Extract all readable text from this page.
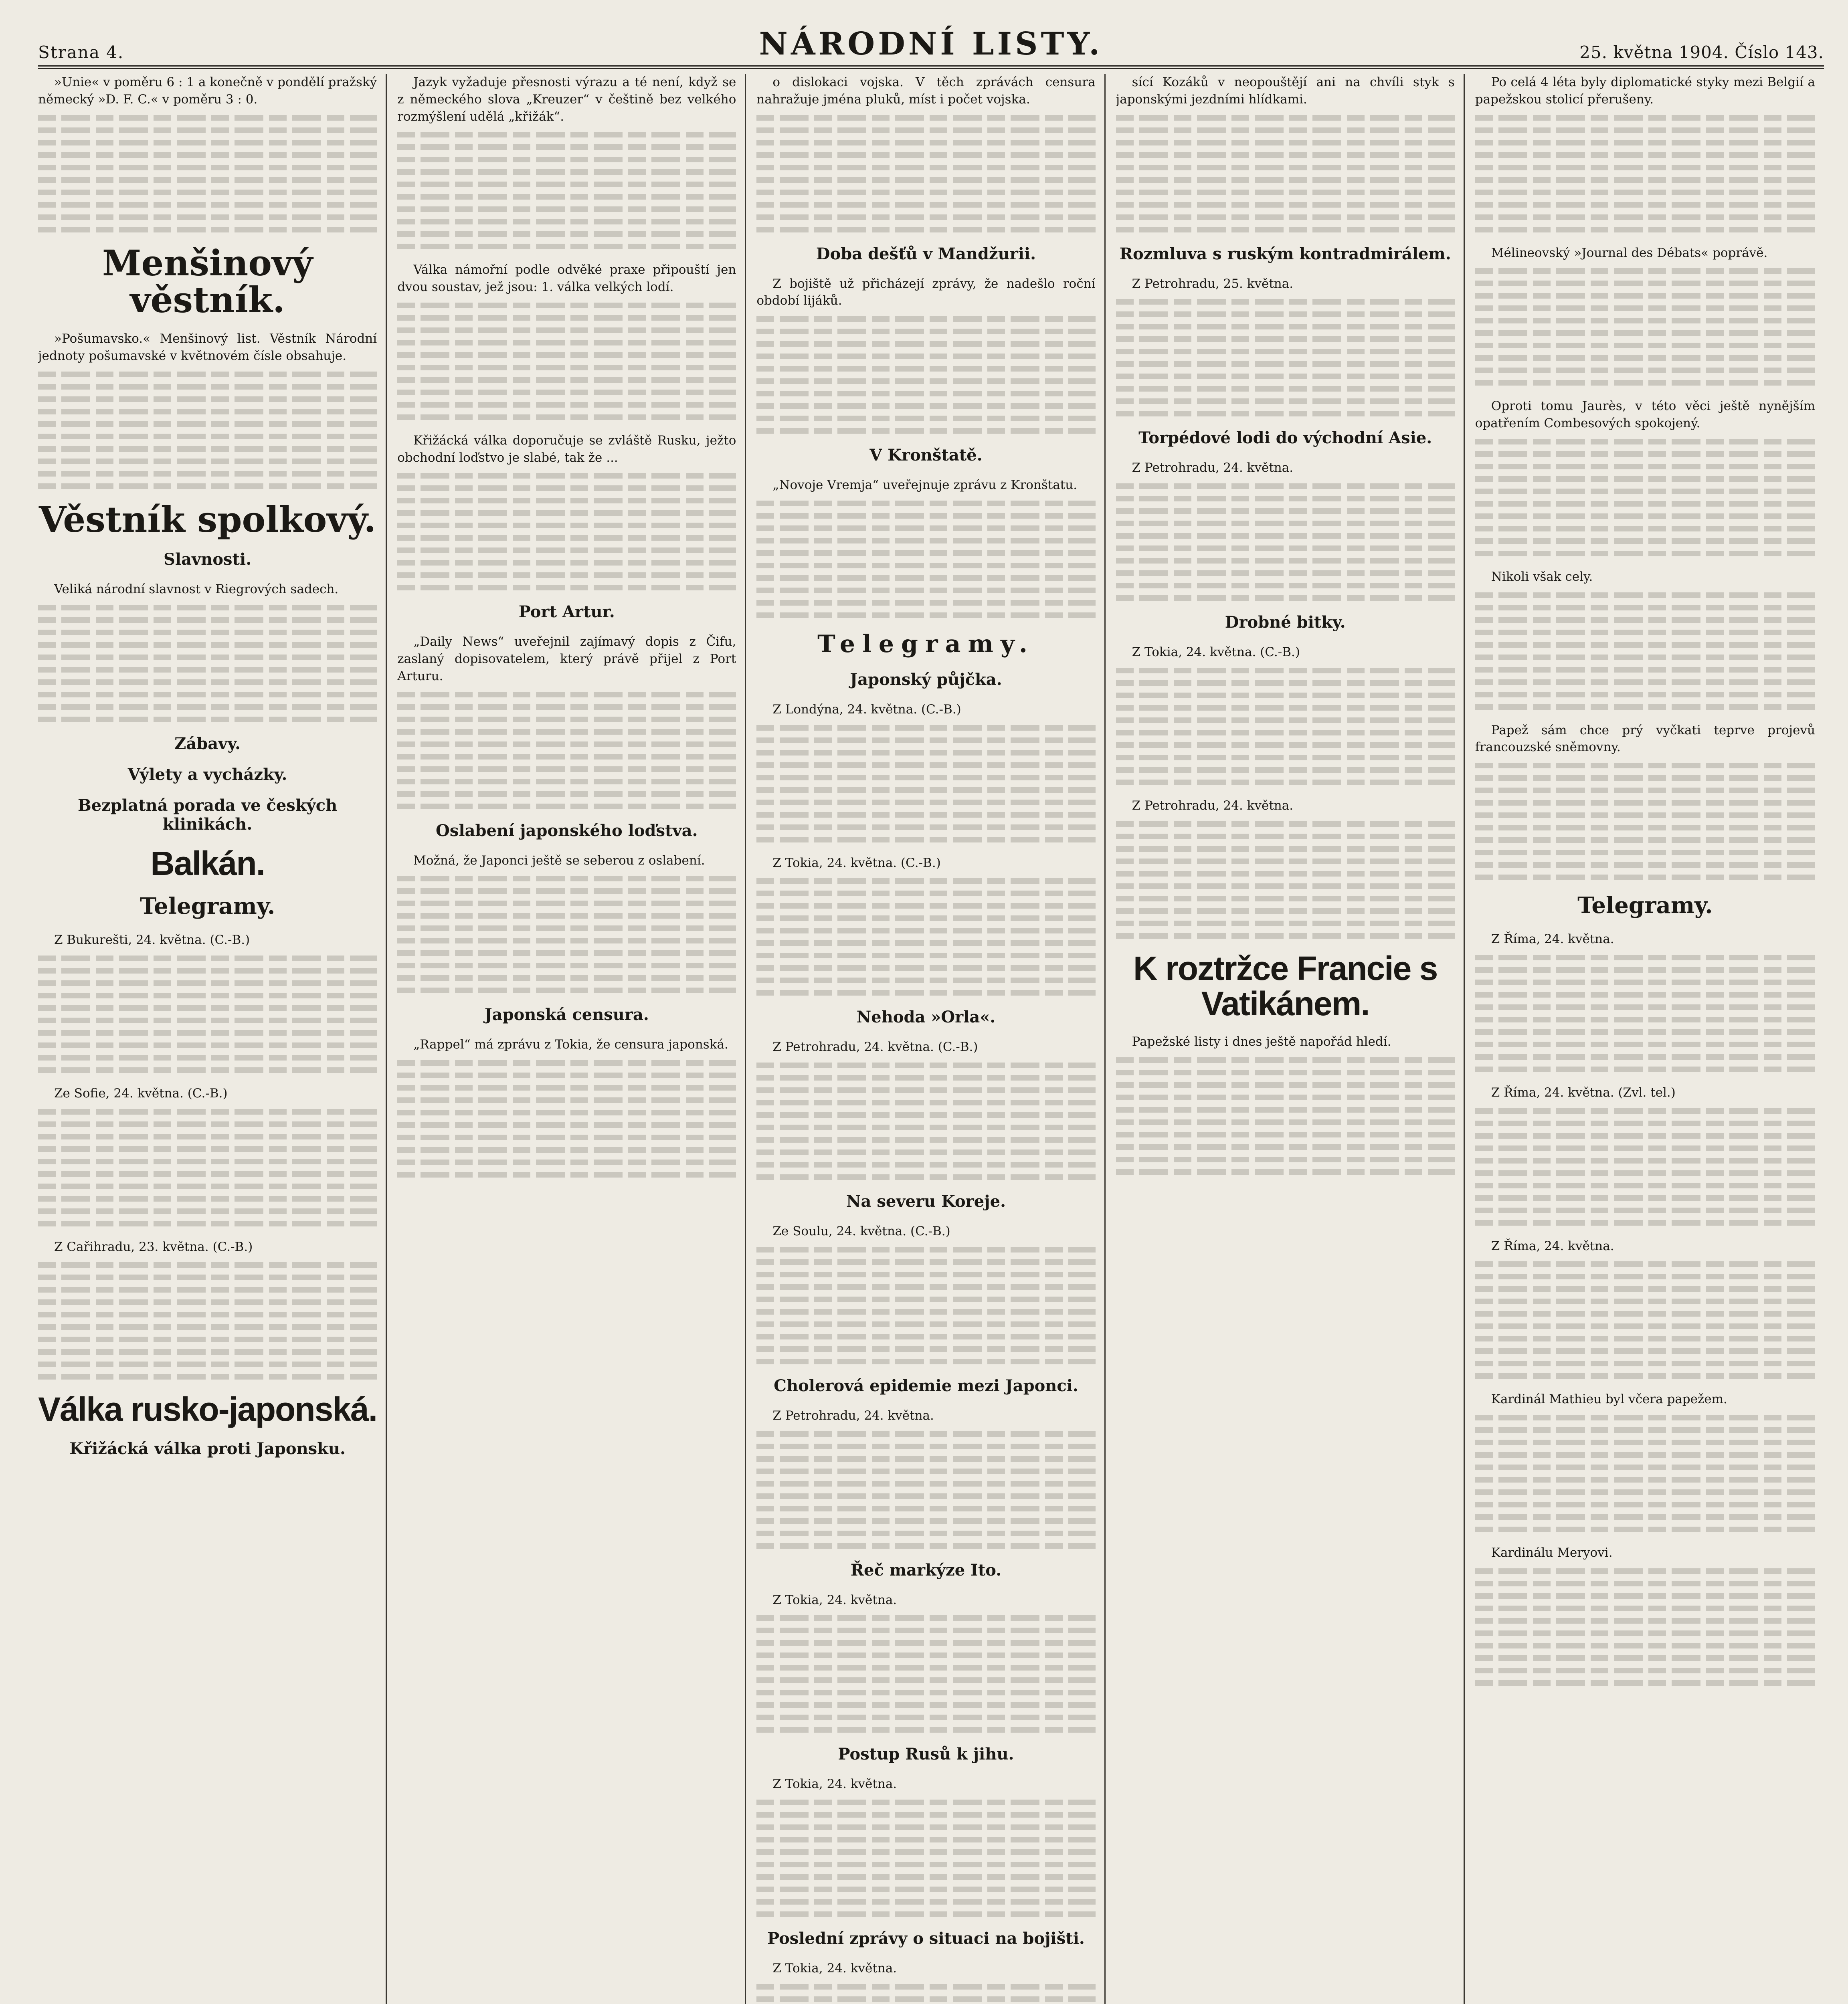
Strana 4.	NÁRODNÍ LISTY.	25. května 1904. Číslo 143.
»Unie« v poměru 6 : 1 a konečně v pondělí pražský německý »D. F. C.« v poměru 3 : 0.
Menšinový věstník.
»Pošumavsko.« Menšinový list. Věstník Národní jednoty pošumavské v květnovém čísle obsahuje.
Věstník spolkový.
Slavnosti.
Veliká národní slavnost v Riegrových sadech.
Zábavy.
Výlety a vycházky.
Bezplatná porada ve českých klinikách.
Balkán.
Telegramy.
Z Bukurešti, 24. května. (C.-B.)
Ze Sofie, 24. května. (C.-B.)
Z Cařihradu, 23. května. (C.-B.)
Válka rusko-japonská.
Křižácká válka proti Japonsku.
Jazyk vyžaduje přesnosti výrazu a té není, když se z německého slova „Kreuzer“ v češtině bez velkého rozmýšlení udělá „křižák“.
Válka námořní podle odvěké praxe připouští jen dvou soustav, jež jsou: 1. válka velkých lodí.
Křižácká válka doporučuje se zvláště Rusku, ježto obchodní loďstvo je slabé, tak že ...
Port Artur.
„Daily News“ uveřejnil zajímavý dopis z Čifu, zaslaný dopisovatelem, který právě přijel z Port Arturu.
Oslabení japonského loďstva.
Možná, že Japonci ještě se seberou z oslabení.
Japonská censura.
„Rappel“ má zprávu z Tokia, že censura japonská.
o dislokaci vojska. V těch zprávách censura nahražuje jména pluků, míst i počet vojska.
Doba dešťů v Mandžurii.
Z bojiště už přicházejí zprávy, že nadešlo roční období lijáků.
V Kronštatě.
„Novoje Vremja“ uveřejnuje zprávu z Kronštatu.
Telegramy.
Japonský půjčka.
Z Londýna, 24. května. (C.-B.)
Z Tokia, 24. května. (C.-B.)
Nehoda »Orla«.
Z Petrohradu, 24. května. (C.-B.)
Na severu Koreje.
Ze Soulu, 24. května. (C.-B.)
Cholerová epidemie mezi Japonci.
Z Petrohradu, 24. května.
Řeč markýze Ito.
Z Tokia, 24. května.
Postup Rusů k jihu.
Z Tokia, 24. května.
Poslední zprávy o situaci na bojišti.
Z Tokia, 24. května.
sící Kozáků v neopouštějí ani na chvíli styk s japonskými jezdními hlídkami.
Rozmluva s ruským kontradmirálem.
Z Petrohradu, 25. května.
Torpédové lodi do východní Asie.
Z Petrohradu, 24. května.
Drobné bitky.
Z Tokia, 24. května. (C.-B.)
Z Petrohradu, 24. května.
K roztržce Francie s Vatikánem.
Papežské listy i dnes ještě napořád hledí.
Po celá 4 léta byly diplomatické styky mezi Belgií a papežskou stolicí přerušeny.
Mélineovský »Journal des Débats« poprávě.
Oproti tomu Jaurès, v této věci ještě nynějším opatřením Combesových spokojený.
Nikoli však cely.
Papež sám chce prý vyčkati teprve projevů francouzské sněmovny.
Telegramy.
Z Říma, 24. května.
Z Říma, 24. května. (Zvl. tel.)
Z Říma, 24. května.
Kardinál Mathieu byl včera papežem.
Kardinálu Meryovi.
